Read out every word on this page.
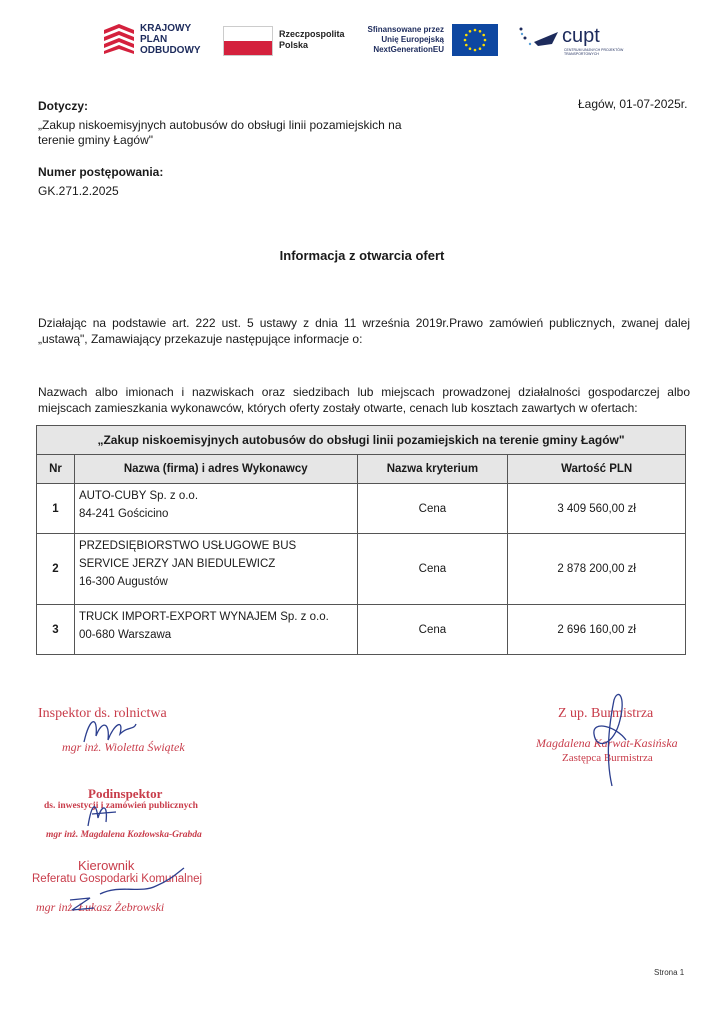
KRAJOWY
PLAN
ODBUDOWY
Rzeczpospolita
Polska
Sfinansowane przez
Unię Europejską
NextGenerationEU
cupt
CENTRUM UNIJNYCH PROJEKTÓW TRANSPORTOWYCH
Łagów, 01-07-2025r.
Dotyczy:
„Zakup niskoemisyjnych autobusów do obsługi linii pozamiejskich na
terenie gminy Łagów"
Numer postępowania:
GK.271.2.2025
Informacja z otwarcia ofert
Działając na podstawie art. 222 ust. 5 ustawy z dnia 11 września 2019r.Prawo zamówień publicznych, zwanej dalej „ustawą", Zamawiający przekazuje następujące informacje o:
Nazwach albo imionach i nazwiskach oraz siedzibach lub miejscach prowadzonej działalności gospodarczej albo miejscach zamieszkania wykonawców, których oferty zostały otwarte, cenach lub kosztach zawartych w ofertach:
„Zakup niskoemisyjnych autobusów do obsługi linii pozamiejskich na terenie gminy Łagów"			
Nr	Nazwa (firma) i adres Wykonawcy	Nazwa kryterium	Wartość PLN
1	AUTO-CUBY Sp. z o.o.
84-241 Gościcino	Cena	3 409 560,00 zł
2	PRZEDSIĘBIORSTWO USŁUGOWE BUS
SERVICE JERZY JAN BIEDULEWICZ
16-300 Augustów	Cena	2 878 200,00 zł
3	TRUCK IMPORT-EXPORT WYNAJEM Sp. z o.o.
00-680 Warszawa	Cena	2 696 160,00 zł
Inspektor ds. rolnictwa
mgr inż. Wioletta Świątek
Podinspektor
ds. inwestycji i zamówień publicznych
mgr inż. Magdalena Kozłowska-Grabda
Kierownik
Referatu Gospodarki Komunalnej
mgr inż. Łukasz Żebrowski
Z up. Burmistrza
Magdalena Karwat-Kasińska
Zastępca Burmistrza
Strona 1
